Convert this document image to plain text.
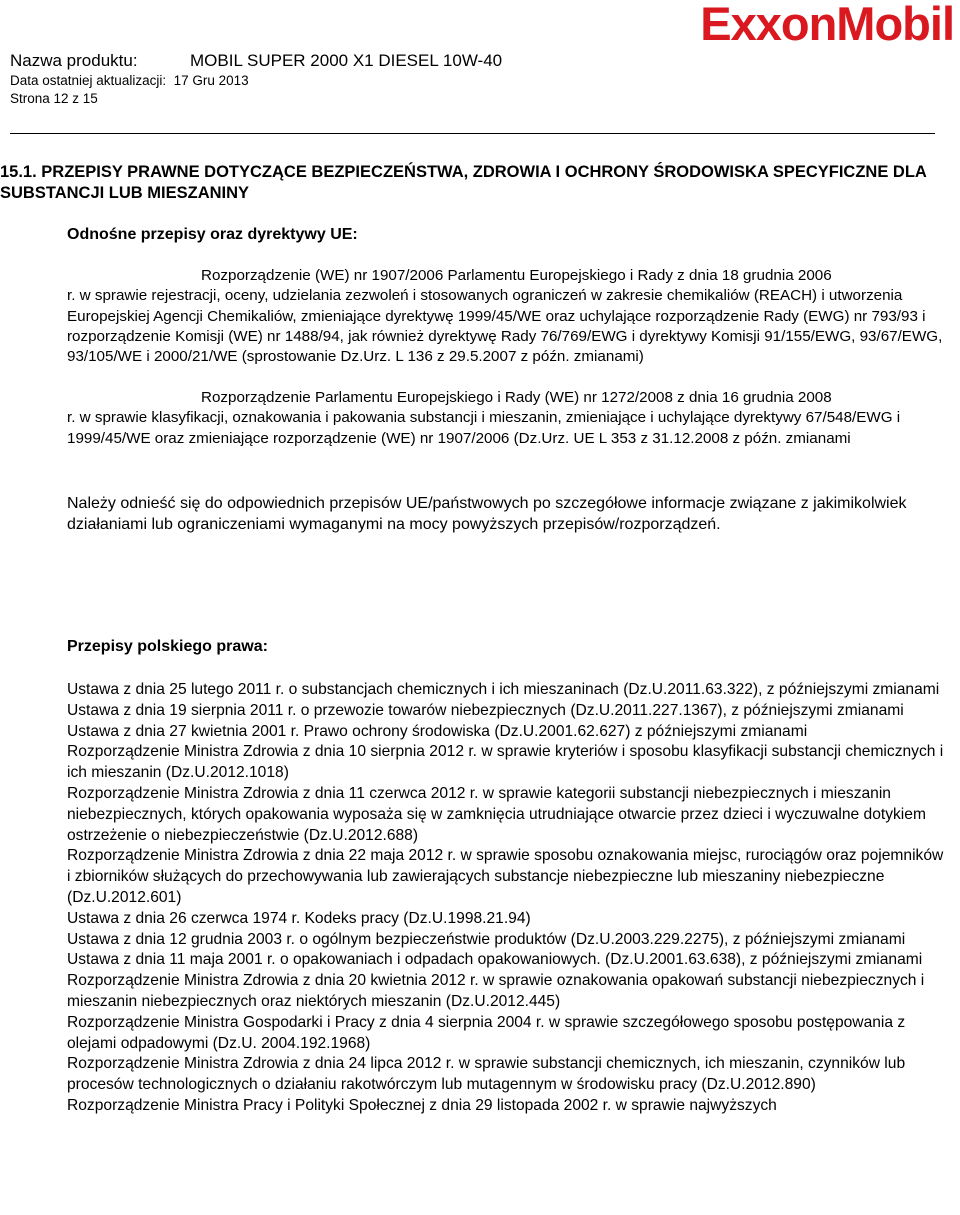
Nazwa produktu:	MOBIL SUPER 2000 X1 DIESEL 10W-40
Data ostatniej aktualizacji: 17 Gru 2013
Strona 12 z 15
ExxonMobil
15.1. PRZEPISY PRAWNE DOTYCZĄCE BEZPIECZEŃSTWA, ZDROWIA I OCHRONY ŚRODOWISKA SPECYFICZNE DLA SUBSTANCJI LUB MIESZANINY
Odnośne przepisy oraz dyrektywy UE:
Rozporządzenie (WE) nr 1907/2006 Parlamentu Europejskiego i Rady z dnia 18 grudnia 2006

r. w sprawie rejestracji, oceny, udzielania zezwoleń i stosowanych ograniczeń w zakresie chemikaliów (REACH) i utworzenia Europejskiej Agencji Chemikaliów, zmieniające dyrektywę 1999/45/WE oraz uchylające rozporządzenie Rady (EWG) nr 793/93 i rozporządzenie Komisji (WE) nr 1488/94, jak również dyrektywę Rady 76/769/EWG i dyrektywy Komisji 91/155/EWG, 93/67/EWG, 93/105/WE i 2000/21/WE (sprostowanie Dz.Urz. L 136 z 29.5.2007 z późn. zmianami)

Rozporządzenie Parlamentu Europejskiego i Rady (WE) nr 1272/2008 z dnia 16 grudnia 2008

r. w sprawie klasyfikacji, oznakowania i pakowania substancji i mieszanin, zmieniające i uchylające dyrektywy 67/548/EWG i 1999/45/WE oraz zmieniające rozporządzenie (WE) nr 1907/2006 (Dz.Urz. UE L 353 z 31.12.2008 z późn. zmianami

Należy odnieść się do odpowiednich przepisów UE/państwowych po szczegółowe informacje związane z jakimikolwiek działaniami lub ograniczeniami wymaganymi na mocy powyższych przepisów/rozporządzeń.
Przepisy polskiego prawa:

Ustawa z dnia 25 lutego 2011 r. o substancjach chemicznych i ich mieszaninach (Dz.U.2011.63.322), z późniejszymi zmianami

Ustawa z dnia 19 sierpnia 2011 r. o przewozie towarów niebezpiecznych (Dz.U.2011.227.1367), z późniejszymi zmianami

Ustawa z dnia 27 kwietnia 2001 r. Prawo ochrony środowiska (Dz.U.2001.62.627) z późniejszymi zmianami

Rozporządzenie Ministra Zdrowia z dnia 10 sierpnia 2012 r. w sprawie kryteriów i sposobu klasyfikacji substancji chemicznych i ich mieszanin (Dz.U.2012.1018)

Rozporządzenie Ministra Zdrowia z dnia 11 czerwca 2012 r. w sprawie kategorii substancji niebezpiecznych i mieszanin niebezpiecznych, których opakowania wyposaża się w zamknięcia utrudniające otwarcie przez dzieci i wyczuwalne dotykiem ostrzeżenie o niebezpieczeństwie (Dz.U.2012.688)

Rozporządzenie Ministra Zdrowia z dnia 22 maja 2012 r. w sprawie sposobu oznakowania miejsc, rurociągów oraz pojemników i zbiorników służących do przechowywania lub zawierających substancje niebezpieczne lub mieszaniny niebezpieczne (Dz.U.2012.601)

Ustawa z dnia 26 czerwca 1974 r. Kodeks pracy (Dz.U.1998.21.94)

Ustawa z dnia 12 grudnia 2003 r. o ogólnym bezpieczeństwie produktów (Dz.U.2003.229.2275), z późniejszymi zmianami

Ustawa z dnia 11 maja 2001 r. o opakowaniach i odpadach opakowaniowych. (Dz.U.2001.63.638), z późniejszymi zmianami

Rozporządzenie Ministra Zdrowia z dnia 20 kwietnia 2012 r. w sprawie oznakowania opakowań substancji niebezpiecznych i mieszanin niebezpiecznych oraz niektórych mieszanin (Dz.U.2012.445)

Rozporządzenie Ministra Gospodarki i Pracy z dnia 4 sierpnia 2004 r. w sprawie szczegółowego sposobu postępowania z olejami odpadowymi (Dz.U. 2004.192.1968)

Rozporządzenie Ministra Zdrowia z dnia 24 lipca 2012 r. w sprawie substancji chemicznych, ich mieszanin, czynników lub procesów technologicznych o działaniu rakotwórczym lub mutagennym w środowisku pracy (Dz.U.2012.890)

Rozporządzenie Ministra Pracy i Polityki Społecznej z dnia 29 listopada 2002 r. w sprawie najwyższych
